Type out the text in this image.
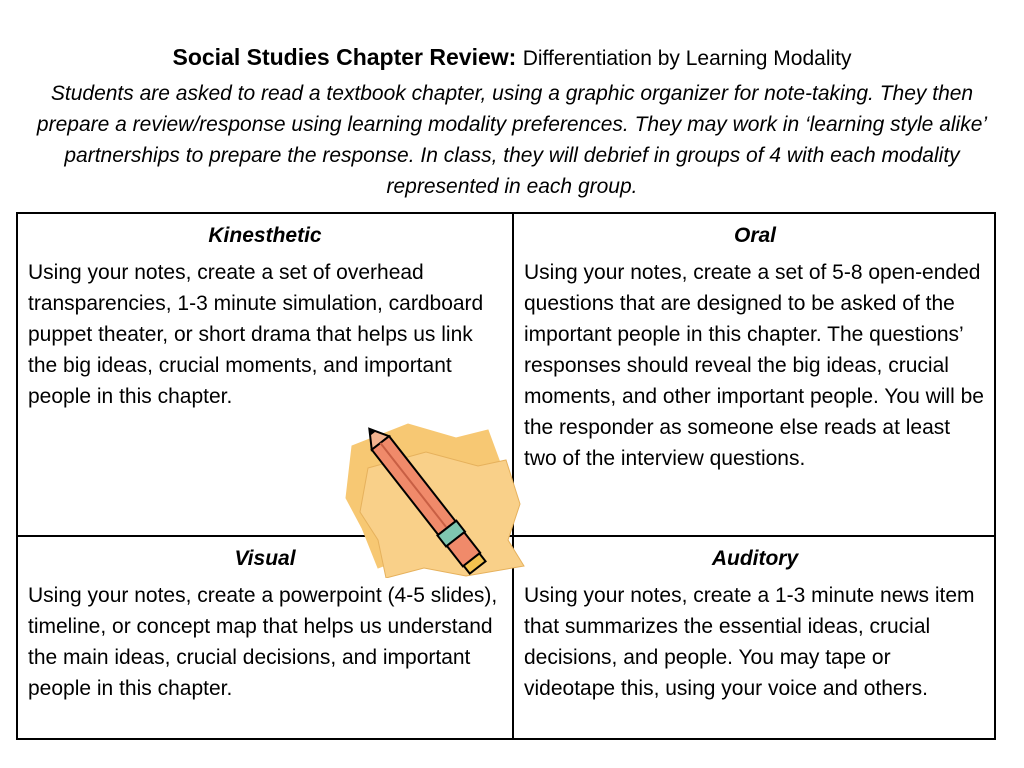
Social Studies Chapter Review: Differentiation by Learning Modality
Students are asked to read a textbook chapter, using a graphic organizer for note-taking. They then prepare a review/response using learning modality preferences. They may work in ‘learning style alike’ partnerships to prepare the response. In class, they will debrief in groups of 4 with each modality represented in each group.
Kinesthetic
Using your notes, create a set of overhead transparencies, 1-3 minute simulation, cardboard puppet theater, or short drama that helps us link the big ideas, crucial moments, and important people in this chapter.
Oral
Using your notes, create a set of 5-8 open-ended questions that are designed to be asked of the important people in this chapter. The questions’ responses should reveal the big ideas, crucial moments, and other important people. You will be the responder as someone else reads at least two of the interview questions.
Visual
Using your notes, create a powerpoint (4-5 slides), timeline, or concept map that helps us understand the main ideas, crucial decisions, and important people in this chapter.
Auditory
Using your notes, create a 1-3 minute news item that summarizes the essential ideas, crucial decisions, and people. You may tape or videotape this, using your voice and others.
